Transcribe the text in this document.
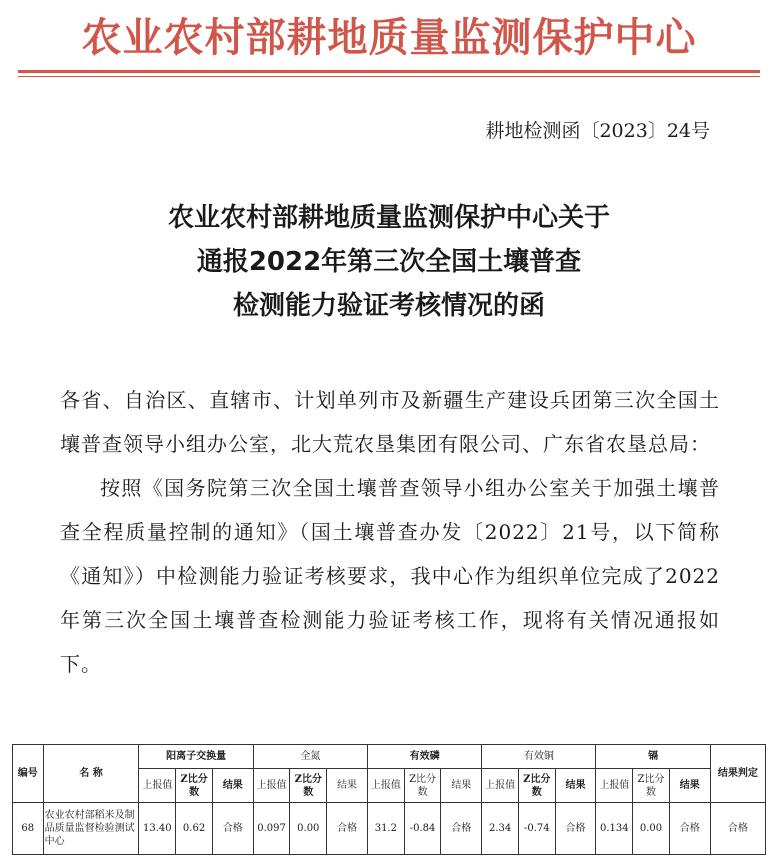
农业农村部耕地质量监测保护中心
耕地检测函〔2023〕24号
农业农村部耕地质量监测保护中心关于
通报2022年第三次全国土壤普查
检测能力验证考核情况的函

各省、自治区、直辖市、计划单列市及新疆生产建设兵团第三次全国土壤普查领导小组办公室，北大荒农垦集团有限公司、广东省农垦总局：

按照《国务院第三次全国土壤普查领导小组办公室关于加强土壤普查全程质量控制的通知》（国土壤普查办发〔2022〕21号，以下简称《通知》）中检测能力验证考核要求，我中心作为组织单位完成了2022年第三次全国土壤普查检测能力验证考核工作，现将有关情况通报如下。

编号	名 称	阳离子交换量			全氮			有效磷			有效铜			镉			结果判定
		上报值	Z比分数	结果	上报值	Z比分数	结果	上报值	Z比分数	结果	上报值	Z比分数	结果	上报值	Z比分数	结果	
68	农业农村部稻米及制品质量监督检验测试中心	13.40	0.62	合格	0.097	0.00	合格	31.2	-0.84	合格	2.34	-0.74	合格	0.134	0.00	合格	合格
